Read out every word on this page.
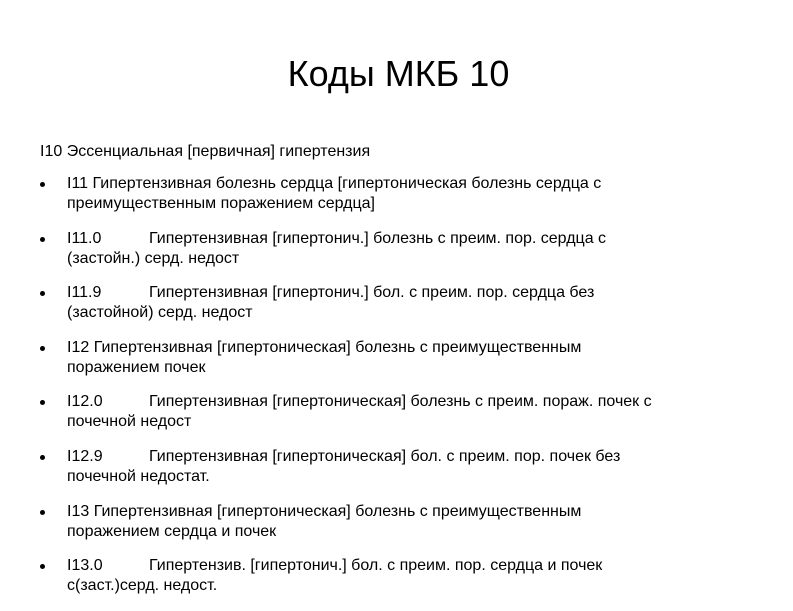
Коды МКБ 10
I10 Эссенциальная [первичная] гипертензия
I11 Гипертензивная болезнь сердца [гипертоническая болезнь сердца с
преимущественным поражением сердца]
I11.0	Гипертензивная [гипертонич.] болезнь с преим. пор. сердца с
(застойн.) серд. недост
I11.9	Гипертензивная [гипертонич.] бол. с преим. пор. сердца без
(застойной) серд. недост
I12 Гипертензивная [гипертоническая] болезнь с преимущественным
поражением почек
I12.0	Гипертензивная [гипертоническая] болезнь с преим. пораж. почек с
почечной недост
I12.9	Гипертензивная [гипертоническая] бол. с преим. пор. почек без
почечной недостат.
I13 Гипертензивная [гипертоническая] болезнь с преимущественным
поражением сердца и почек
I13.0	Гипертензив. [гипертонич.] бол. с преим. пор. сердца и почек
с(заст.)серд. недост.
